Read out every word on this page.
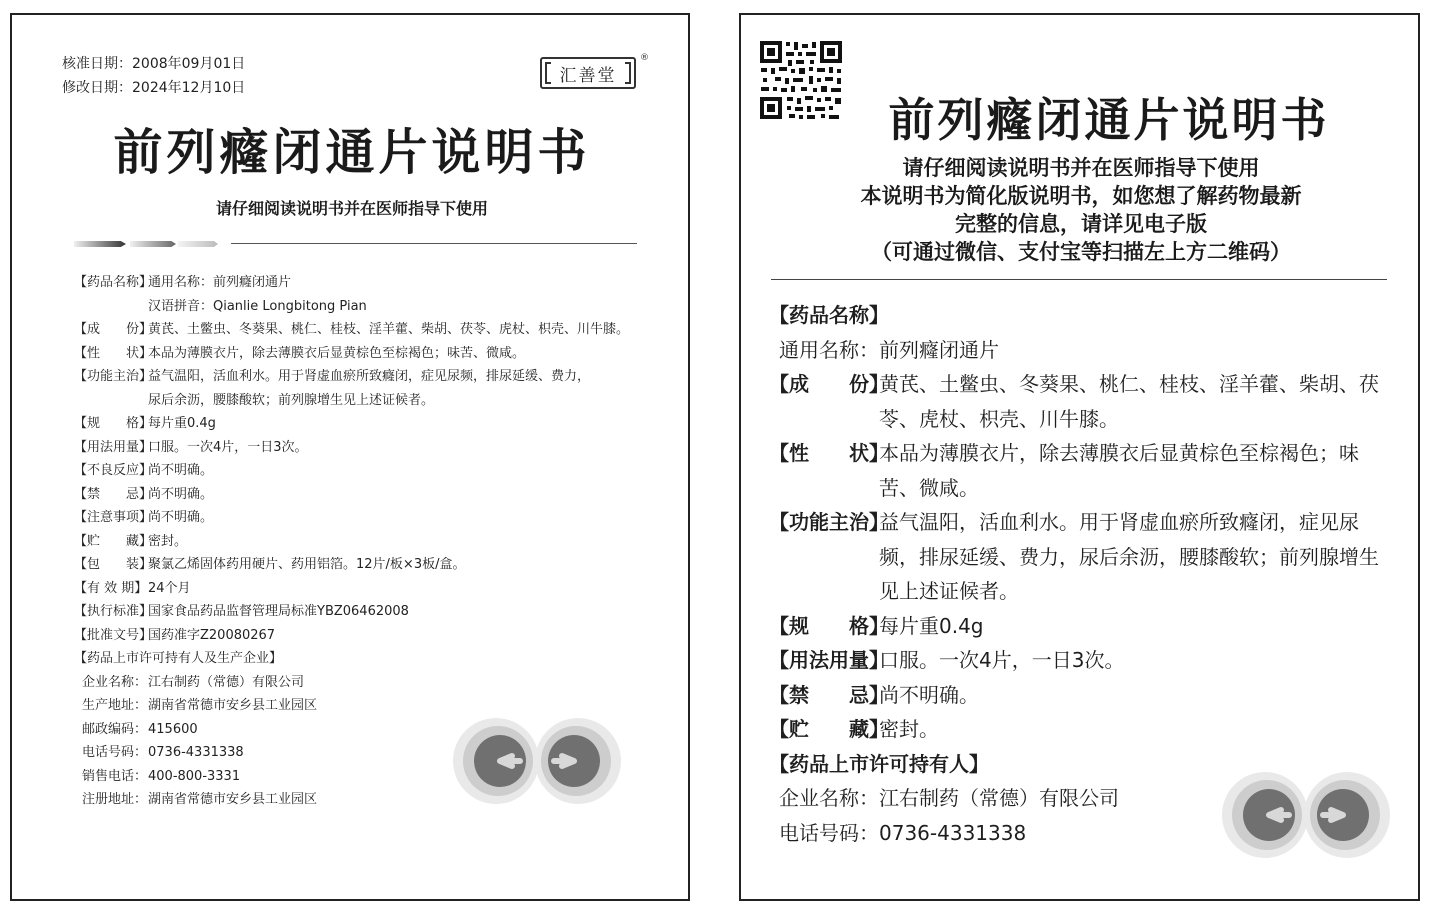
核准日期：2008年09月01日
修改日期：2024年12月10日
汇善堂
®
前列癃闭通片说明书
请仔细阅读说明书并在医师指导下使用
【药品名称】
通用名称：前列癃闭通片
汉语拼音：Qianlie Longbitong Pian
【成　　份】
黄芪、土鳖虫、冬葵果、桃仁、桂枝、淫羊藿、柴胡、茯苓、虎杖、枳壳、川牛膝。
【性　　状】
本品为薄膜衣片，除去薄膜衣后显黄棕色至棕褐色；味苦、微咸。
【功能主治】
益气温阳，活血利水。用于肾虚血瘀所致癃闭，症见尿频，排尿延缓、费力，
尿后余沥，腰膝酸软；前列腺增生见上述证候者。
【规　　格】
每片重0.4g
【用法用量】
口服。一次4片，一日3次。
【不良反应】
尚不明确。
【禁　　忌】
尚不明确。
【注意事项】
尚不明确。
【贮　　藏】
密封。
【包　　装】
聚氯乙烯固体药用硬片、药用铝箔。12片/板×3板/盒。
【有 效 期】 24个月
【执行标准】
国家食品药品监督管理局标准YBZ06462008
【批准文号】
国药准字Z20080267
【药品上市许可持有人及生产企业】
企业名称： 江右制药（常德）有限公司
生产地址： 湖南省常德市安乡县工业园区
邮政编码： 415600
电话号码： 0736-4331338
销售电话： 400-800-3331
注册地址： 湖南省常德市安乡县工业园区
前列癃闭通片说明书
请仔细阅读说明书并在医师指导下使用
本说明书为简化版说明书，如您想了解药物最新
完整的信息，请详见电子版
（可通过微信、支付宝等扫描左上方二维码）
【药品名称】
通用名称：前列癃闭通片
【成　　份】
黄芪、土鳖虫、冬葵果、桃仁、桂枝、淫羊藿、柴胡、茯苓、虎杖、枳壳、川牛膝。
【性　　状】
本品为薄膜衣片，除去薄膜衣后显黄棕色至棕褐色；味苦、微咸。
【功能主治】
益气温阳，活血利水。用于肾虚血瘀所致癃闭，症见尿频，排尿延缓、费力，尿后余沥，腰膝酸软；前列腺增生见上述证候者。
【规　　格】
每片重0.4g
【用法用量】
口服。一次4片，一日3次。
【禁　　忌】
尚不明确。
【贮　　藏】
密封。
【药品上市许可持有人】
企业名称：江右制药（常德）有限公司
电话号码：0736-4331338
